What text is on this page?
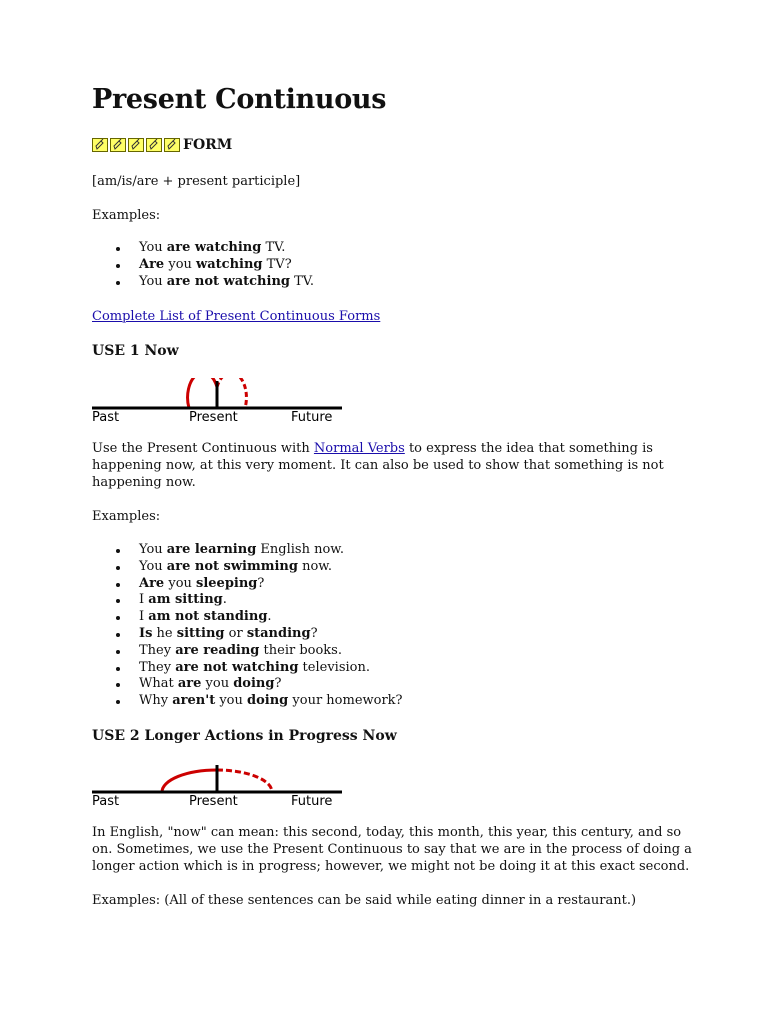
Present Continuous
FORM

[am/is/are + present participle]

Examples:

You are watching TV.
Are you watching TV?
You are not watching TV.
Complete List of Present Continuous Forms
USE 1 Now
Past	Present	Future

Use the Present Continuous with Normal Verbs to express the idea that something is happening now, at this very moment. It can also be used to show that something is not happening now.

Examples:

You are learning English now.
You are not swimming now.
Are you sleeping?
I am sitting.
I am not standing.
Is he sitting or standing?
They are reading their books.
They are not watching television.
What are you doing?
Why aren't you doing your homework?
USE 2 Longer Actions in Progress Now
Past	Present	Future

In English, "now" can mean: this second, today, this month, this year, this century, and so on. Sometimes, we use the Present Continuous to say that we are in the process of doing a longer action which is in progress; however, we might not be doing it at this exact second.

Examples: (All of these sentences can be said while eating dinner in a restaurant.)
